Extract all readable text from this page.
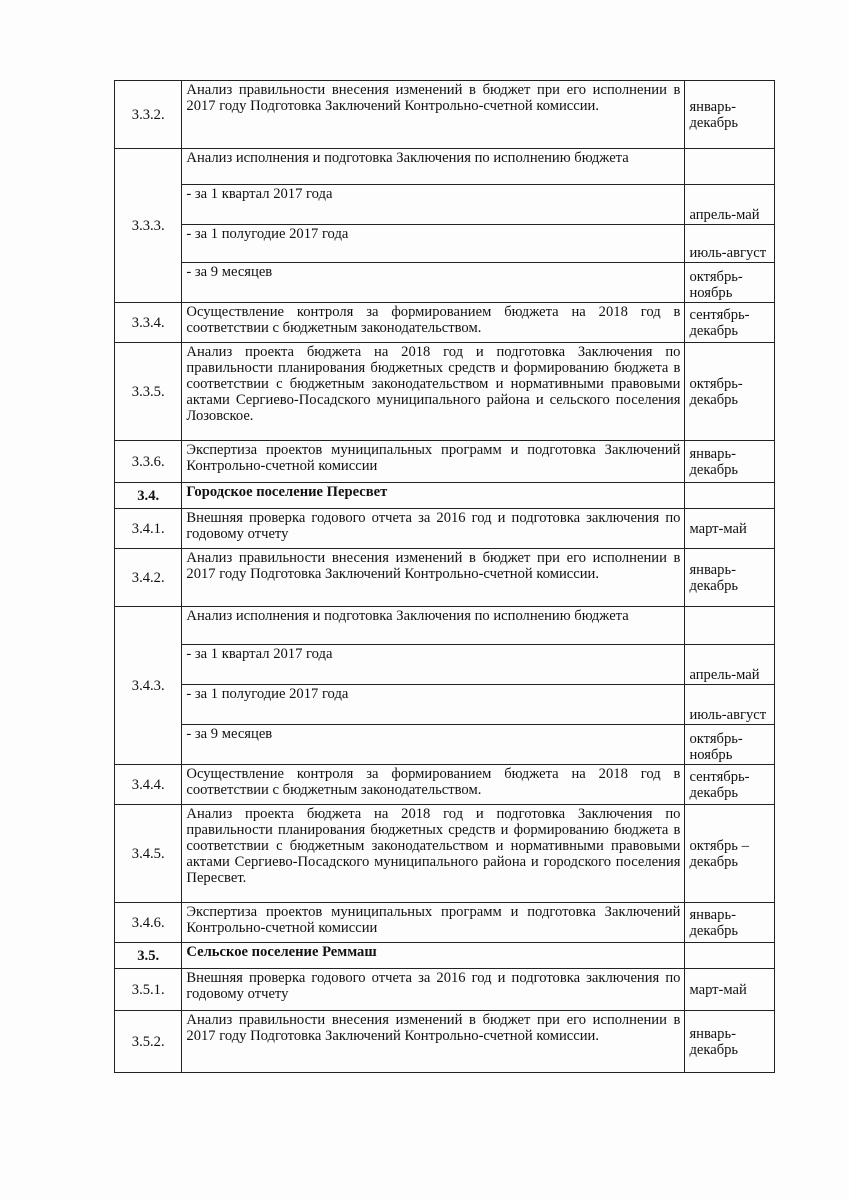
3.3.2.	Анализ правильности внесения изменений в бюджет при его исполнении в 2017 году Подготовка Заключений Контрольно-счетной комиссии.	январь-декабрь
3.3.3.	Анализ исполнения и подготовка Заключения по исполнению бюджета	
	- за 1 квартал 2017 года	апрель-май
	- за 1 полугодие 2017 года	июль-август
	- за 9 месяцев	октябрь-ноябрь
3.3.4.	Осуществление контроля за формированием бюджета на 2018 год в соответствии с бюджетным законодательством.	сентябрь-декабрь
3.3.5.	Анализ проекта бюджета на 2018 год и подготовка Заключения по правильности планирования бюджетных средств и формированию бюджета в соответствии с бюджетным законодательством и нормативными правовыми актами Сергиево-Посадского муниципального района и сельского поселения Лозовское.	октябрь-декабрь
3.3.6.	Экспертиза проектов муниципальных программ и подготовка Заключений Контрольно-счетной комиссии	январь-декабрь
3.4.	Городское поселение Пересвет	
3.4.1.	Внешняя проверка годового отчета за 2016 год и подготовка заключения по годовому отчету	март-май
3.4.2.	Анализ правильности внесения изменений в бюджет при его исполнении в 2017 году Подготовка Заключений Контрольно-счетной комиссии.	январь-декабрь
3.4.3.	Анализ исполнения и подготовка Заключения по исполнению бюджета	
	- за 1 квартал 2017 года	апрель-май
	- за 1 полугодие 2017 года	июль-август
	- за 9 месяцев	октябрь-ноябрь
3.4.4.	Осуществление контроля за формированием бюджета на 2018 год в соответствии с бюджетным законодательством.	сентябрь-декабрь
3.4.5.	Анализ проекта бюджета на 2018 год и подготовка Заключения по правильности планирования бюджетных средств и формированию бюджета в соответствии с бюджетным законодательством и нормативными правовыми актами Сергиево-Посадского муниципального района и городского поселения Пересвет.	октябрь – декабрь
3.4.6.	Экспертиза проектов муниципальных программ и подготовка Заключений Контрольно-счетной комиссии	январь-декабрь
3.5.	Сельское поселение Реммаш	
3.5.1.	Внешняя проверка годового отчета за 2016 год и подготовка заключения по годовому отчету	март-май
3.5.2.	Анализ правильности внесения изменений в бюджет при его исполнении в 2017 году Подготовка Заключений Контрольно-счетной комиссии.	январь-декабрь
